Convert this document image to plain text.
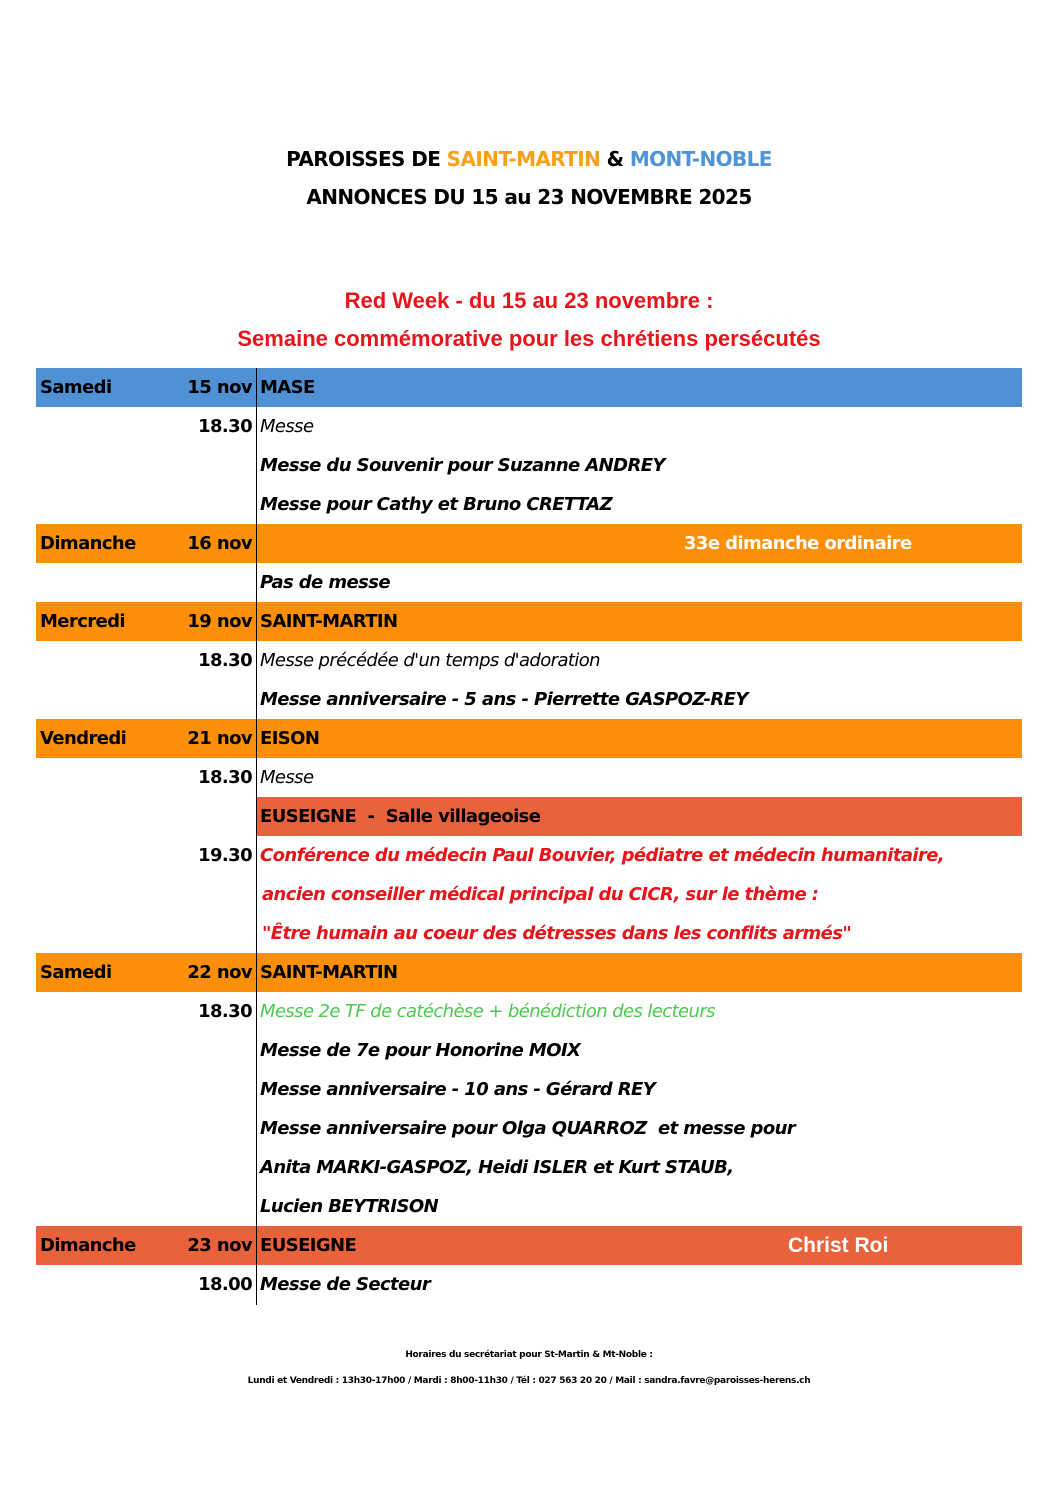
PAROISSES DE SAINT-MARTIN & MONT-NOBLE
ANNONCES DU 15 au 23 NOVEMBRE 2025
Red Week - du 15 au 23 novembre :
Semaine commémorative pour les chrétiens persécutés
Samedi	15 nov MASE
18.30 Messe
Messe du Souvenir pour Suzanne ANDREY
Messe pour Cathy et Bruno CRETTAZ
Dimanche	16 nov	33e dimanche ordinaire
Pas de messe
Mercredi	19 nov SAINT-MARTIN
18.30 Messe précédée d'un temps d'adoration
Messe anniversaire - 5 ans - Pierrette GASPOZ-REY
Vendredi	21 nov EISON
18.30 Messe
EUSEIGNE  -  Salle villageoise
19.30 Conférence du médecin Paul Bouvier, pédiatre et médecin humanitaire,
ancien conseiller médical principal du CICR, sur le thème :
"Être humain au coeur des détresses dans les conflits armés"
Samedi	22 nov SAINT-MARTIN
18.30 Messe 2e TF de catéchèse + bénédiction des lecteurs
Messe de 7e pour Honorine MOIX
Messe anniversaire - 10 ans - Gérard REY
Messe anniversaire pour Olga QUARROZ  et messe pour
Anita MARKI-GASPOZ, Heidi ISLER et Kurt STAUB,
Lucien BEYTRISON
Dimanche	23 nov EUSEIGNE	Christ Roi
18.00 Messe de Secteur
Horaires du secrétariat pour St-Martin & Mt-Noble :
Lundi et Vendredi : 13h30-17h00 / Mardi : 8h00-11h30 / Tél : 027 563 20 20 / Mail : sandra.favre@paroisses-herens.ch
